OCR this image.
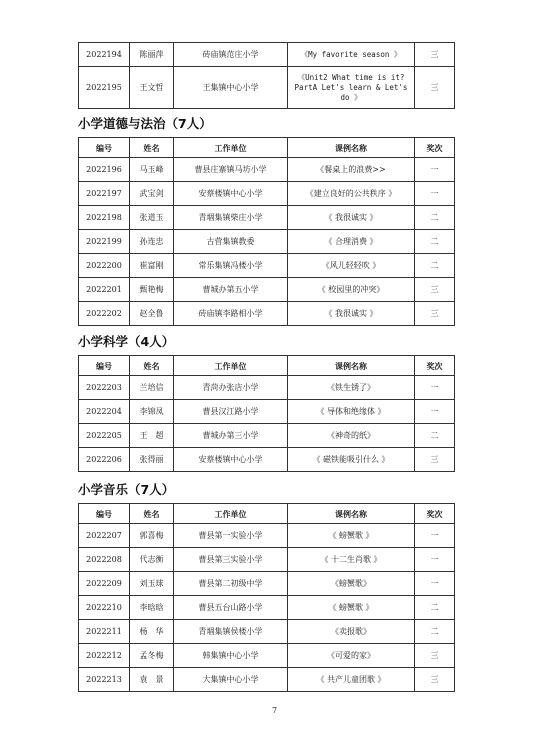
2022194	陈丽萍	砖庙镇范庄小学	《My favorite season 》	三
2022195	王文哲	王集镇中心小学	《Unit2 What time is it? PartA Let's learn & Let's do 》	三
小学道德与法治（7人）
编号	姓名	工作单位	课例名称	奖次
2022196	马玉峰	曹县庄寨镇马坊小学	《餐桌上的浪费>>	一
2022197	武宝剑	安蔡楼镇中心小学	《建立良好的公共秩序 》	一
2022198	张道玉	青堌集镇柴庄小学	《 我很诚实 》	二
2022199	孙连忠	古营集镇教委	《 合理消费 》	二
2022200	崔富刚	常乐集镇冯楼小学	《风儿轻轻吹 》	二
2022201	甄艳梅	曹城办第五小学	《 校园里的冲突》	三
2022202	赵全鲁	砖庙镇李路相小学	《 我很诚实 》	三
小学科学（4人）
编号	姓名	工作单位	课例名称	奖次
2022203	兰培信	青菏办张店小学	《铁生锈了》	一
2022204	李锦凤	曹县汉江路小学	《 导体和绝缘体 》	一
2022205	王　超	曹城办第三小学	《神奇的纸》	二
2022206	张得丽	安蔡楼镇中心小学	《 磁铁能吸引什么 》	三
小学音乐（7人）
编号	姓名	工作单位	课例名称	奖次
2022207	郭喜梅	曹县第一实验小学	《 螃蟹歌 》	一
2022208	代志衡	曹县第三实验小学	《 十二生肖歌 》	一
2022209	刘玉球	曹县第二初级中学	《螃蟹歌》	一
2022210	李晗晗	曹县五台山路小学	《 螃蟹歌 》	二
2022211	杨　华	青堌集镇侯楼小学	《卖报歌》	二
2022212	孟冬梅	韩集镇中心小学	《可爱的家》	三
2022213	袁　景	大集镇中心小学	《 共产儿童团歌 》	三
7
